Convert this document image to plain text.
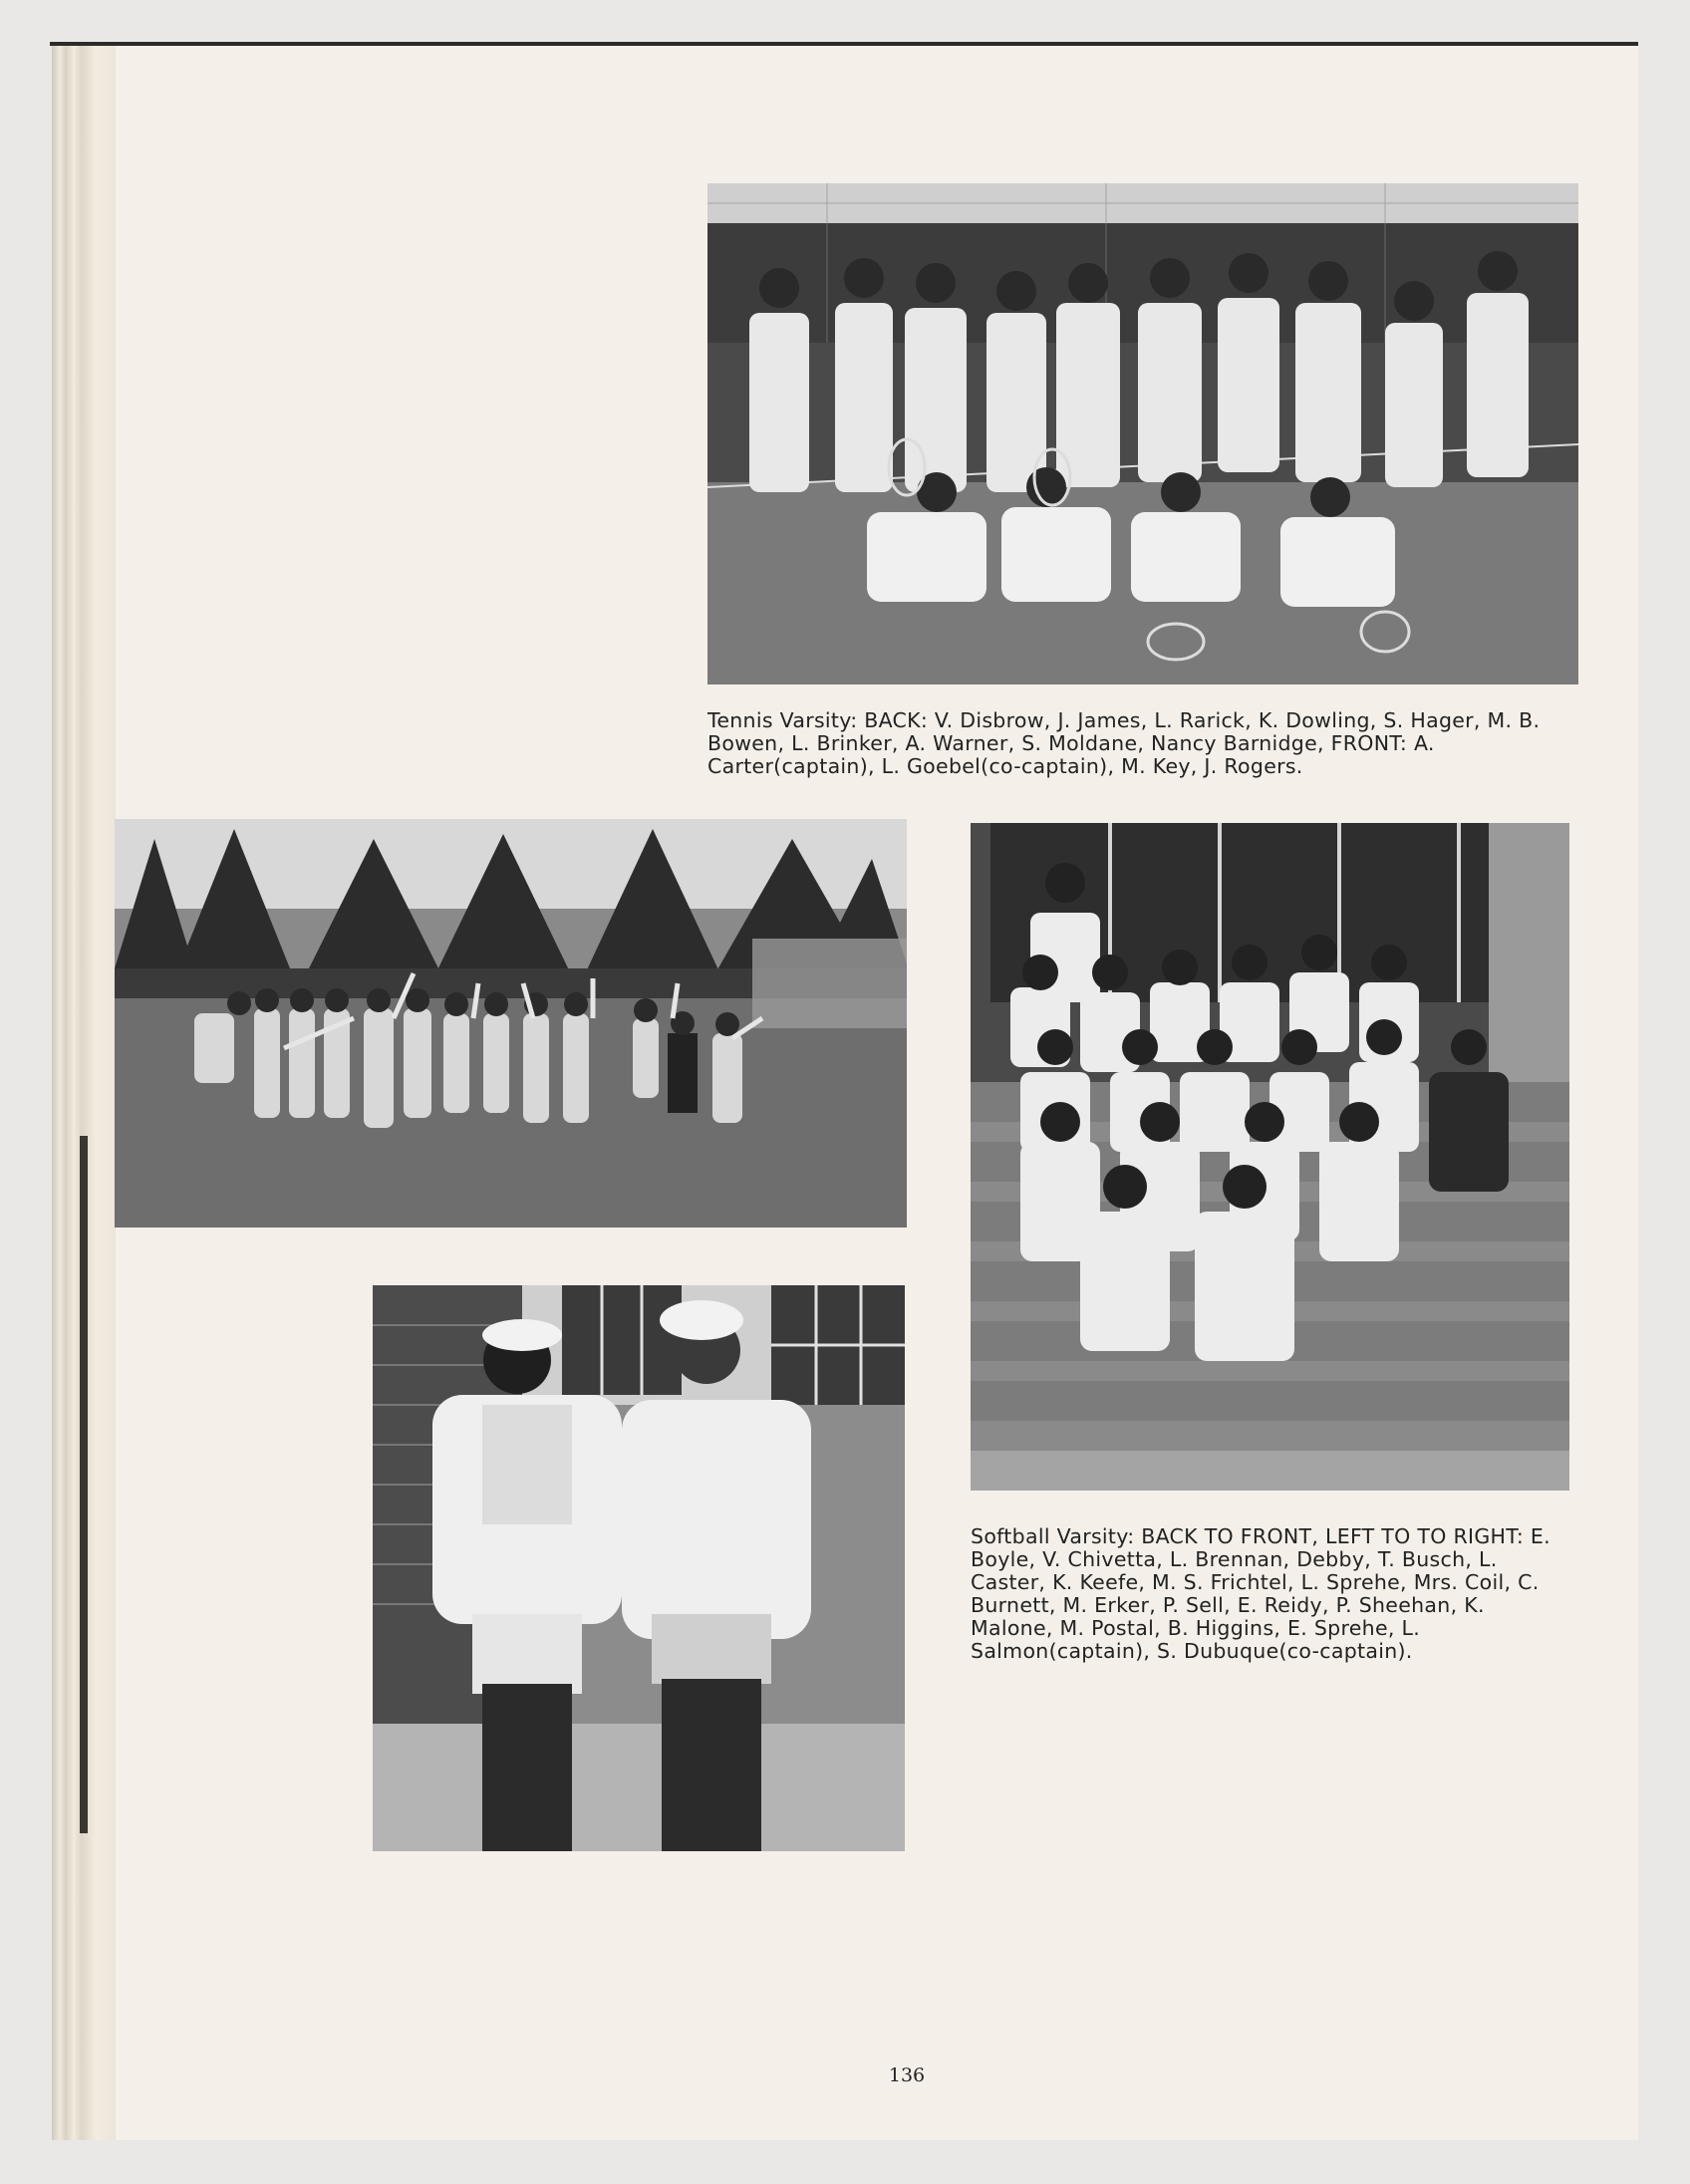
Tennis Varsity: BACK: V. Disbrow, J. James, L. Rarick, K. Dowling, S. Hager, M. B. Bowen, L. Brinker, A. Warner, S. Moldane, Nancy Barnidge, FRONT: A. Carter(captain), L. Goebel(co-captain), M. Key, J. Rogers.

Softball Varsity: BACK TO FRONT, LEFT TO TO RIGHT: E. Boyle, V. Chivetta, L. Brennan, Debby, T. Busch, L. Caster, K. Keefe, M. S. Frichtel, L. Sprehe, Mrs. Coil, C. Burnett, M. Erker, P. Sell, E. Reidy, P. Sheehan, K. Malone, M. Postal, B. Higgins, E. Sprehe, L. Salmon(captain), S. Dubuque(co-captain).

136
